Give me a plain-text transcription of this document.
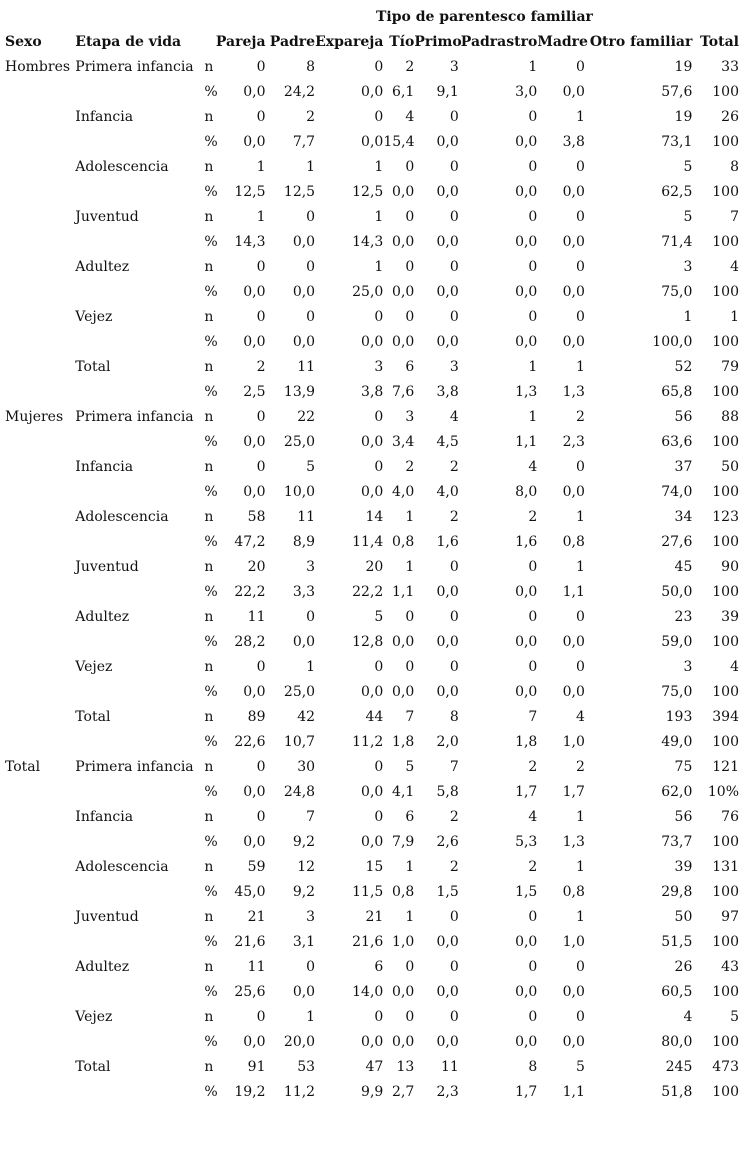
Tipo de parentesco familiar
Sexo	Etapa de vida		Pareja	Padre	Expareja	Tío	Primo	Padrastro	Madre	Otro familiar	Total
Hombres	Primera infancia	n	0	8	0	2	3	1	0	19	33
		%	0,0	24,2	0,0	6,1	9,1	3,0	0,0	57,6	100
	Infancia	n	0	2	0	4	0	0	1	19	26
		%	0,0	7,7	0,0	15,4	0,0	0,0	3,8	73,1	100
	Adolescencia	n	1	1	1	0	0	0	0	5	8
		%	12,5	12,5	12,5	0,0	0,0	0,0	0,0	62,5	100
	Juventud	n	1	0	1	0	0	0	0	5	7
		%	14,3	0,0	14,3	0,0	0,0	0,0	0,0	71,4	100
	Adultez	n	0	0	1	0	0	0	0	3	4
		%	0,0	0,0	25,0	0,0	0,0	0,0	0,0	75,0	100
	Vejez	n	0	0	0	0	0	0	0	1	1
		%	0,0	0,0	0,0	0,0	0,0	0,0	0,0	100,0	100
	Total	n	2	11	3	6	3	1	1	52	79
		%	2,5	13,9	3,8	7,6	3,8	1,3	1,3	65,8	100
Mujeres	Primera infancia	n	0	22	0	3	4	1	2	56	88
		%	0,0	25,0	0,0	3,4	4,5	1,1	2,3	63,6	100
	Infancia	n	0	5	0	2	2	4	0	37	50
		%	0,0	10,0	0,0	4,0	4,0	8,0	0,0	74,0	100
	Adolescencia	n	58	11	14	1	2	2	1	34	123
		%	47,2	8,9	11,4	0,8	1,6	1,6	0,8	27,6	100
	Juventud	n	20	3	20	1	0	0	1	45	90
		%	22,2	3,3	22,2	1,1	0,0	0,0	1,1	50,0	100
	Adultez	n	11	0	5	0	0	0	0	23	39
		%	28,2	0,0	12,8	0,0	0,0	0,0	0,0	59,0	100
	Vejez	n	0	1	0	0	0	0	0	3	4
		%	0,0	25,0	0,0	0,0	0,0	0,0	0,0	75,0	100
	Total	n	89	42	44	7	8	7	4	193	394
		%	22,6	10,7	11,2	1,8	2,0	1,8	1,0	49,0	100
Total	Primera infancia	n	0	30	0	5	7	2	2	75	121
		%	0,0	24,8	0,0	4,1	5,8	1,7	1,7	62,0	10%
	Infancia	n	0	7	0	6	2	4	1	56	76
		%	0,0	9,2	0,0	7,9	2,6	5,3	1,3	73,7	100
	Adolescencia	n	59	12	15	1	2	2	1	39	131
		%	45,0	9,2	11,5	0,8	1,5	1,5	0,8	29,8	100
	Juventud	n	21	3	21	1	0	0	1	50	97
		%	21,6	3,1	21,6	1,0	0,0	0,0	1,0	51,5	100
	Adultez	n	11	0	6	0	0	0	0	26	43
		%	25,6	0,0	14,0	0,0	0,0	0,0	0,0	60,5	100
	Vejez	n	0	1	0	0	0	0	0	4	5
		%	0,0	20,0	0,0	0,0	0,0	0,0	0,0	80,0	100
	Total	n	91	53	47	13	11	8	5	245	473
		%	19,2	11,2	9,9	2,7	2,3	1,7	1,1	51,8	100
